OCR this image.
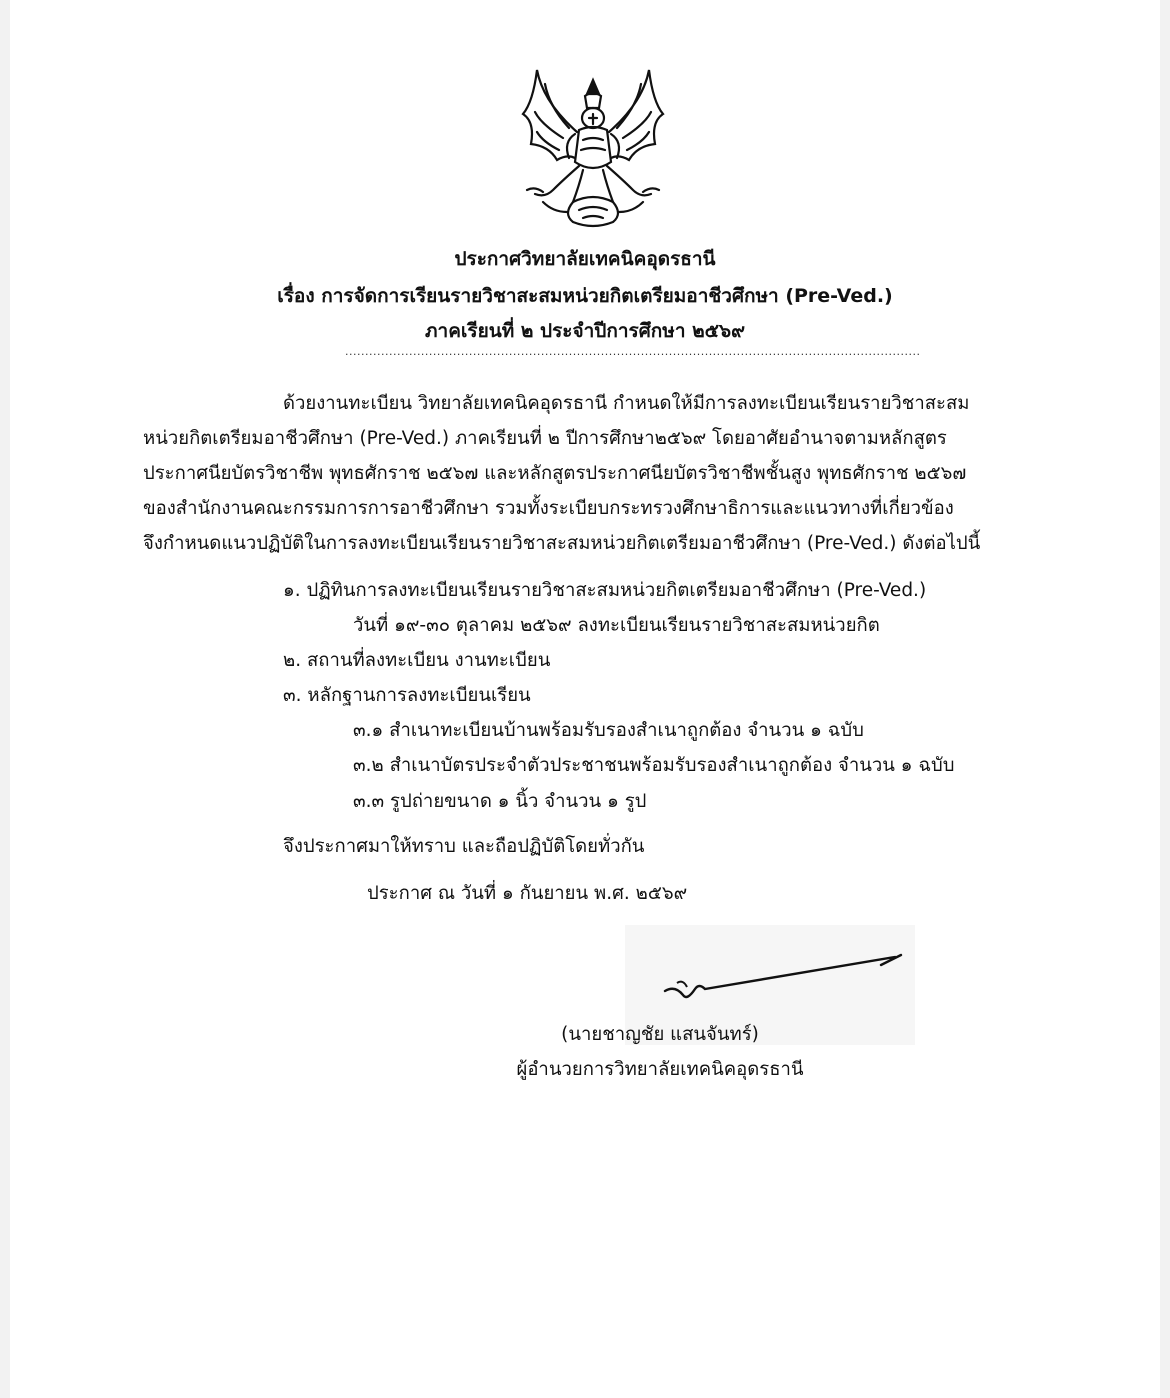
ประกาศวิทยาลัยเทคนิคอุดรธานี
เรื่อง การจัดการเรียนรายวิชาสะสมหน่วยกิตเตรียมอาชีวศึกษา (Pre-Ved.)
ภาคเรียนที่ ๒ ประจำปีการศึกษา ๒๕๖๙
................................................................................................................................................
ด้วยงานทะเบียน วิทยาลัยเทคนิคอุดรธานี กำหนดให้มีการลงทะเบียนเรียนรายวิชาสะสม
หน่วยกิตเตรียมอาชีวศึกษา (Pre-Ved.) ภาคเรียนที่ ๒ ปีการศึกษา๒๕๖๙ โดยอาศัยอำนาจตามหลักสูตร
ประกาศนียบัตรวิชาชีพ พุทธศักราช ๒๕๖๗ และหลักสูตรประกาศนียบัตรวิชาชีพชั้นสูง พุทธศักราช ๒๕๖๗
ของสำนักงานคณะกรรมการการอาชีวศึกษา รวมทั้งระเบียบกระทรวงศึกษาธิการและแนวทางที่เกี่ยวข้อง
จึงกำหนดแนวปฏิบัติในการลงทะเบียนเรียนรายวิชาสะสมหน่วยกิตเตรียมอาชีวศึกษา (Pre-Ved.) ดังต่อไปนี้
๑. ปฏิทินการลงทะเบียนเรียนรายวิชาสะสมหน่วยกิตเตรียมอาชีวศึกษา (Pre-Ved.)
วันที่ ๑๙-๓๐ ตุลาคม ๒๕๖๙ ลงทะเบียนเรียนรายวิชาสะสมหน่วยกิต
๒. สถานที่ลงทะเบียน งานทะเบียน
๓. หลักฐานการลงทะเบียนเรียน
๓.๑ สำเนาทะเบียนบ้านพร้อมรับรองสำเนาถูกต้อง จำนวน ๑ ฉบับ
๓.๒ สำเนาบัตรประจำตัวประชาชนพร้อมรับรองสำเนาถูกต้อง จำนวน ๑ ฉบับ
๓.๓ รูปถ่ายขนาด ๑ นิ้ว จำนวน ๑ รูป
จึงประกาศมาให้ทราบ และถือปฏิบัติโดยทั่วกัน
ประกาศ ณ วันที่ ๑ กันยายน พ.ศ. ๒๕๖๙
(นายชาญชัย แสนจันทร์)
ผู้อำนวยการวิทยาลัยเทคนิคอุดรธานี
